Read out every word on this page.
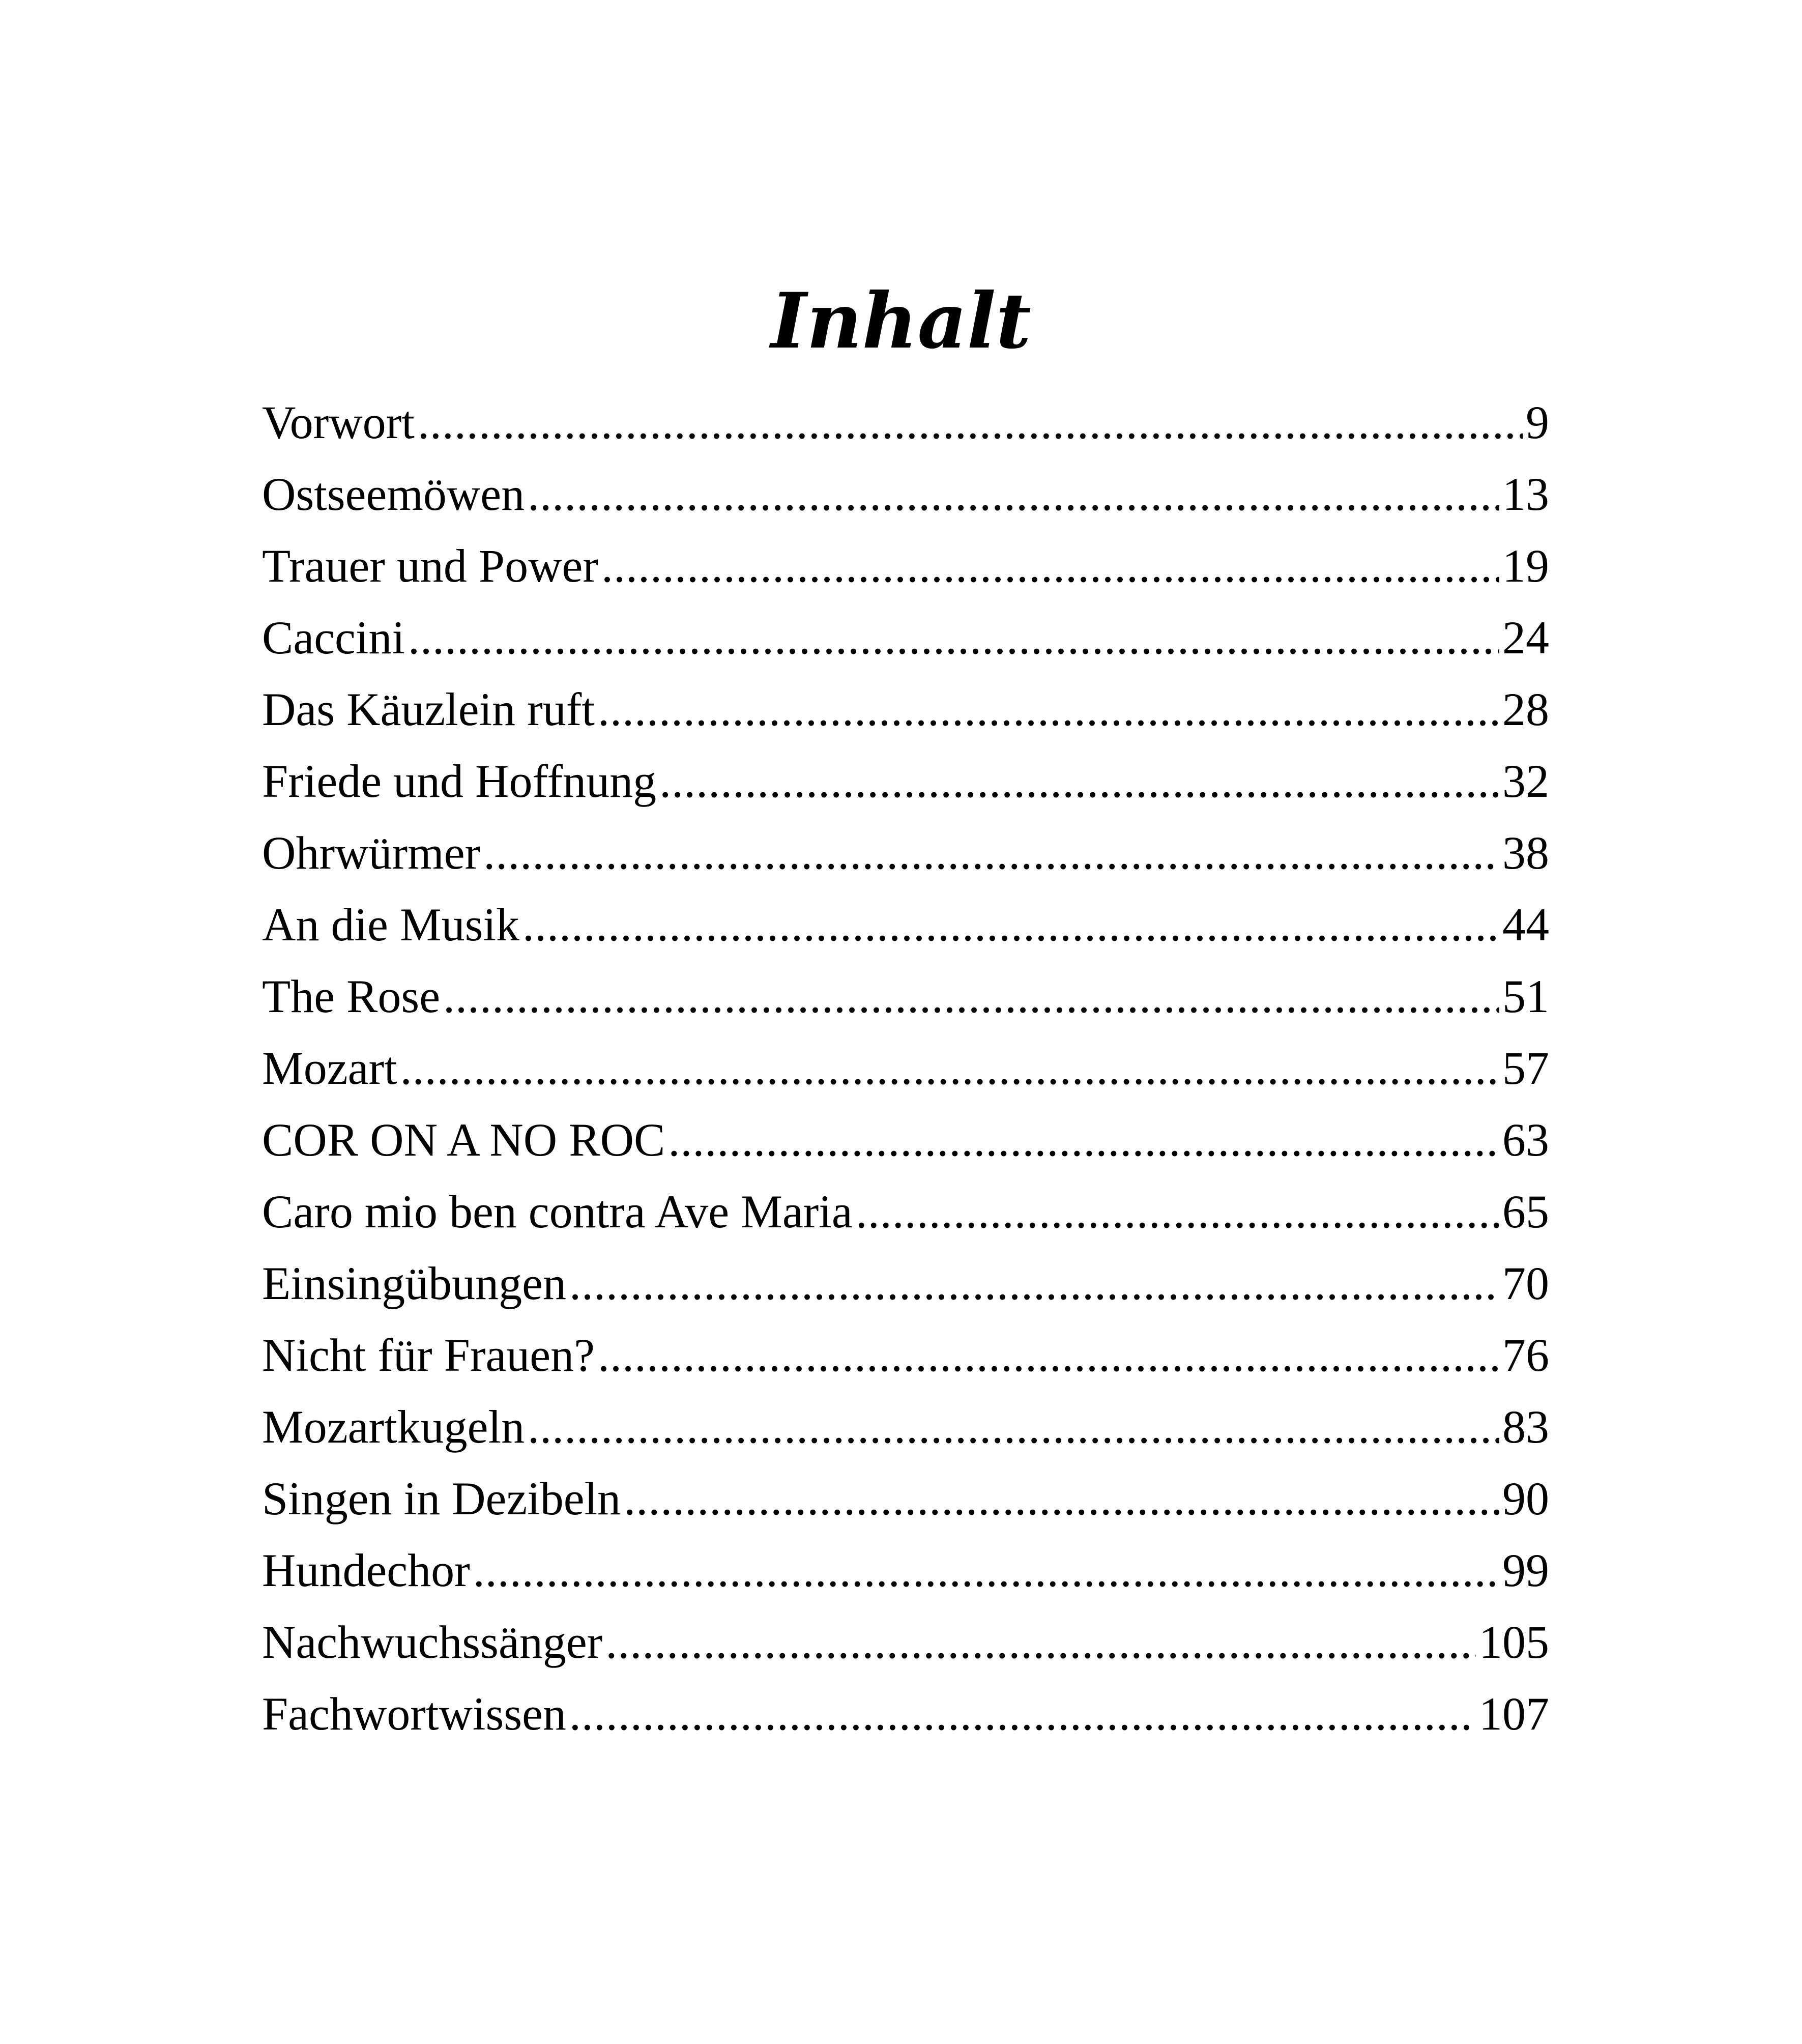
Inhalt
Vorwort .....	9
Ostseemöwen .....	13
Trauer und Power .....	19
Caccini .....	24
Das Käuzlein ruft .....	28
Friede und Hoffnung .....	32
Ohrwürmer .....	38
An die Musik .....	44
The Rose .....	51
Mozart .....	57
COR ON A NO ROC .....	63
Caro mio ben contra Ave Maria .....	65
Einsingübungen .....	70
Nicht für Frauen? .....	76
Mozartkugeln .....	83
Singen in Dezibeln .....	90
Hundechor .....	99
Nachwuchssänger .....	105
Fachwortwissen .....	107
